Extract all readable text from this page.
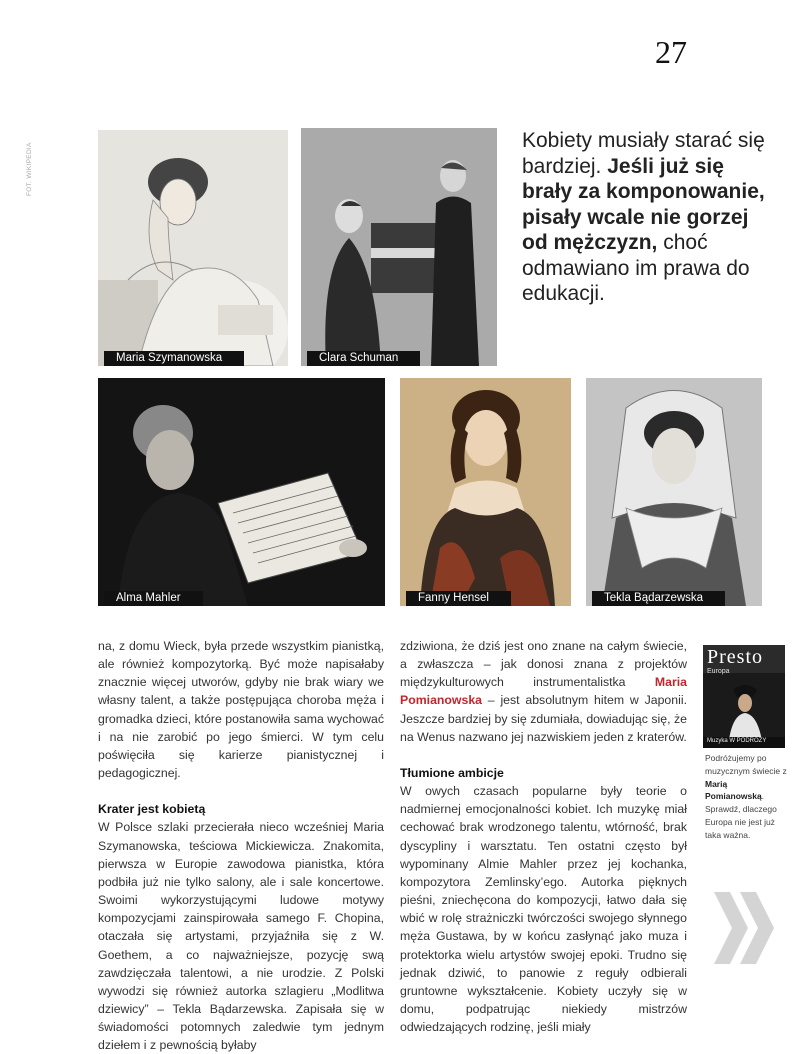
27
FOT. WIKIPEDIA
Maria Szymanowska	Clara Schuman
Kobiety musiały starać się bardziej. Jeśli już się brały za komponowanie, pisały wcale nie gorzej od mężczyzn, choć odmawiano im prawa do edukacji.
Alma Mahler	Fanny Hensel	Tekla Bądarzewska

na, z domu Wieck, była przede wszystkim pianistką, ale również kompozytorką. Być może napisałaby znacznie więcej utworów, gdyby nie brak wiary we własny talent, a także postępująca choroba męża i gromadka dzieci, które postanowiła sama wychować i na nie zarobić po jego śmierci. W tym celu poświęciła się karierze pianistycznej i pedagogicznej.

Krater jest kobietą

W Polsce szlaki przecierała nieco wcześniej Maria Szymanowska, teściowa Mickiewicza. Znakomita, pierwsza w Europie zawodowa pianistka, która podbiła już nie tylko salony, ale i sale koncertowe. Swoimi wykorzystującymi ludowe motywy kompozycjami zainspirowała samego F. Chopina, otaczała się artystami, przyjaźniła się z W. Goethem, a co najważniejsze, pozycję swą zawdzięczała talentowi, a nie urodzie. Z Polski wywodzi się również autorka szlagieru „Modlitwa dziewicy” – Tekla Bądarzewska. Zapisała się w świadomości potomnych zaledwie tym jednym dziełem i z pewnością byłaby

zdziwiona, że dziś jest ono znane na całym świecie, a zwłaszcza – jak donosi znana z projektów międzykulturowych instrumentalistka Maria Pomianowska – jest absolutnym hitem w Japonii. Jeszcze bardziej by się zdumiała, dowiadując się, że na Wenus nazwano jej nazwiskiem jeden z kraterów.

Tłumione ambicje

W owych czasach popularne były teorie o nadmiernej emocjonalności kobiet. Ich muzykę miał cechować brak wrodzonego talentu, wtórność, brak dyscypliny i warsztatu. Ten ostatni często był wypominany Almie Mahler przez jej kochanka, kompozytora Zemlinsky’ego. Autorka pięknych pieśni, zniechęcona do kompozycji, łatwo dała się wbić w rolę strażniczki twórczości swojego słynnego męża Gustawa, by w końcu zasłynąć jako muza i protektorka wielu artystów swojej epoki. Trudno się jednak dziwić, to panowie z reguły odbierali gruntowne wykształcenie. Kobiety uczyły się w domu, podpatrując niekiedy mistrzów odwiedzających rodzinę, jeśli miały

Presto
Europa
Muzyka W PODRÓŻY
Podróżujemy po muzycznym świecie z Marią Pomianowską. Sprawdź, dlaczego Europa nie jest już taka ważna.
